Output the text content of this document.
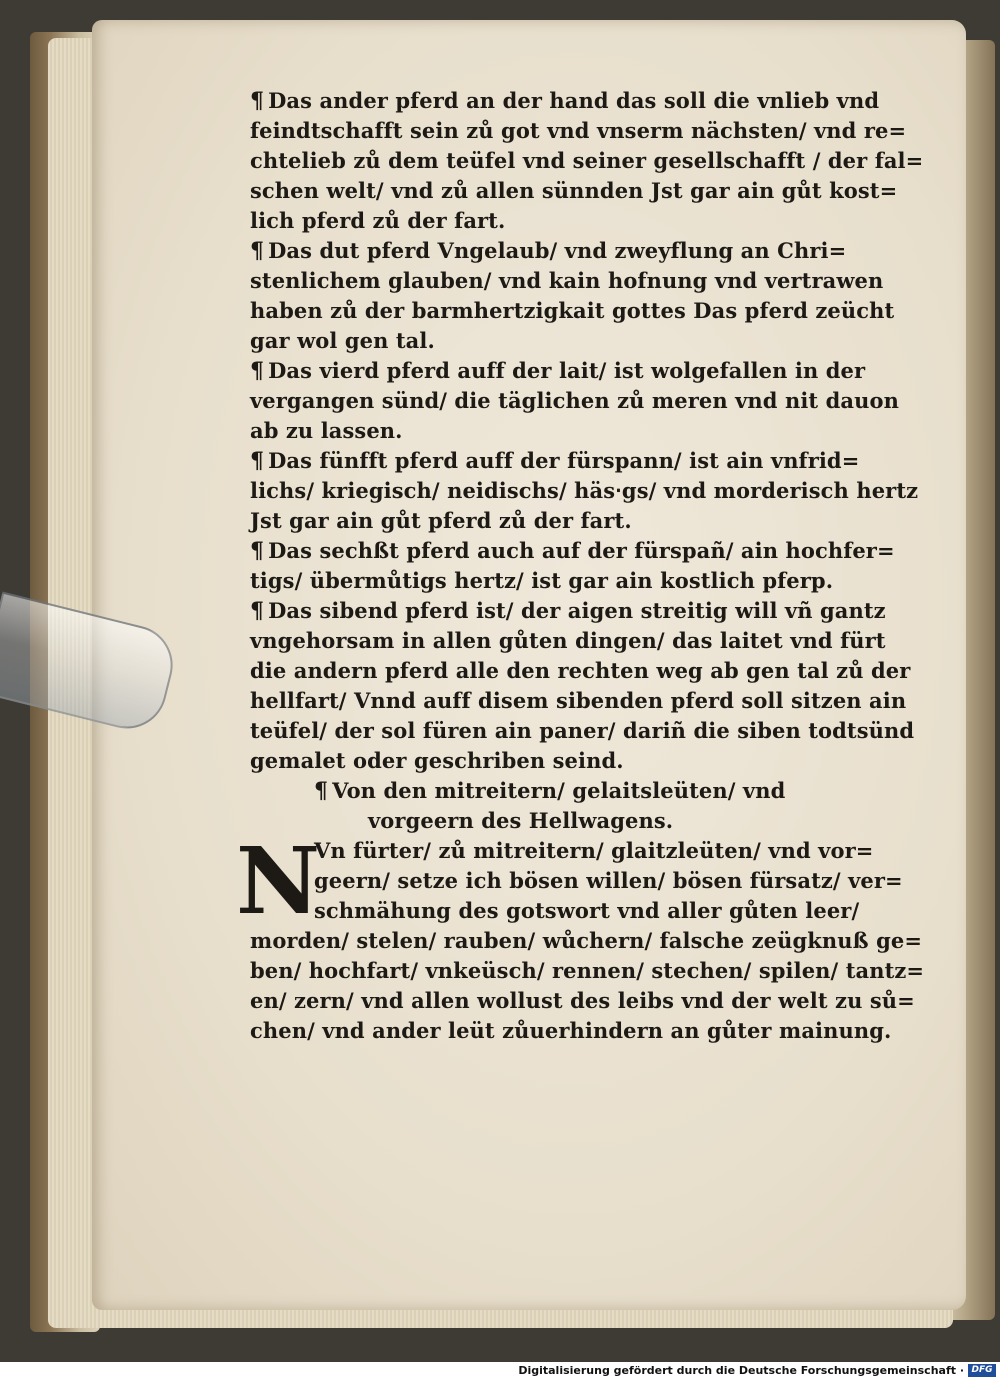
¶ Das ander pferd an der hand das soll die vnlieb vnd
feindtschafft sein zů got vnd vnserm nächsten/ vnd re=
chtelieb zů dem teüfel vnd seiner gesellschafft / der fal=
schen welt/ vnd zů allen sünnden Jst gar ain gůt kost=
lich pferd zů der fart.
¶ Das dut pferd Vngelaub/ vnd zweyflung an Chri=
stenlichem glauben/ vnd kain hofnung vnd vertrawen
haben zů der barmhertzigkait gottes Das pferd zeücht
gar wol gen tal.
¶ Das vierd pferd auff der lait/ ist wolgefallen in der
vergangen sünd/ die täglichen zů meren vnd nit dauon
ab zu lassen.
¶ Das fünfft pferd auff der fürspann/ ist ain vnfrid=
lichs/ kriegisch/ neidischs/ häs‧gs/ vnd morderisch hertz
Jst gar ain gůt pferd zů der fart.
¶ Das sechßt pferd auch auf der fürspañ/ ain hochfer=
tigs/ übermůtigs hertz/ ist gar ain kostlich pferp.
¶ Das sibend pferd ist/ der aigen streitig will vñ gantz
vngehorsam in allen gůten dingen/ das laitet vnd fürt
die andern pferd alle den rechten weg ab gen tal zů der
hellfart/ Vnnd auff disem sibenden pferd soll sitzen ain
teüfel/ der sol füren ain paner/ dariñ die siben todtsünd
gemalet oder geschriben seind.
¶ Von den mitreitern/ gelaitsleüten/ vnd
vorgeern des Hellwagens.
N
Vn fürter/ zů mitreitern/ glaitzleüten/ vnd vor=
geern/ setze ich bösen willen/ bösen fürsatz/ ver=
schmähung des gotswort vnd aller gůten leer/
morden/ stelen/ rauben/ wůchern/ falsche zeügknuß ge=
ben/ hochfart/ vnkeüsch/ rennen/ stechen/ spilen/ tantz=
en/ zern/ vnd allen wollust des leibs vnd der welt zu sů=
chen/ vnd ander leüt zůuerhindern an gůter mainung.
Digitalisierung gefördert durch die Deutsche Forschungsgemeinschaft · DFG
